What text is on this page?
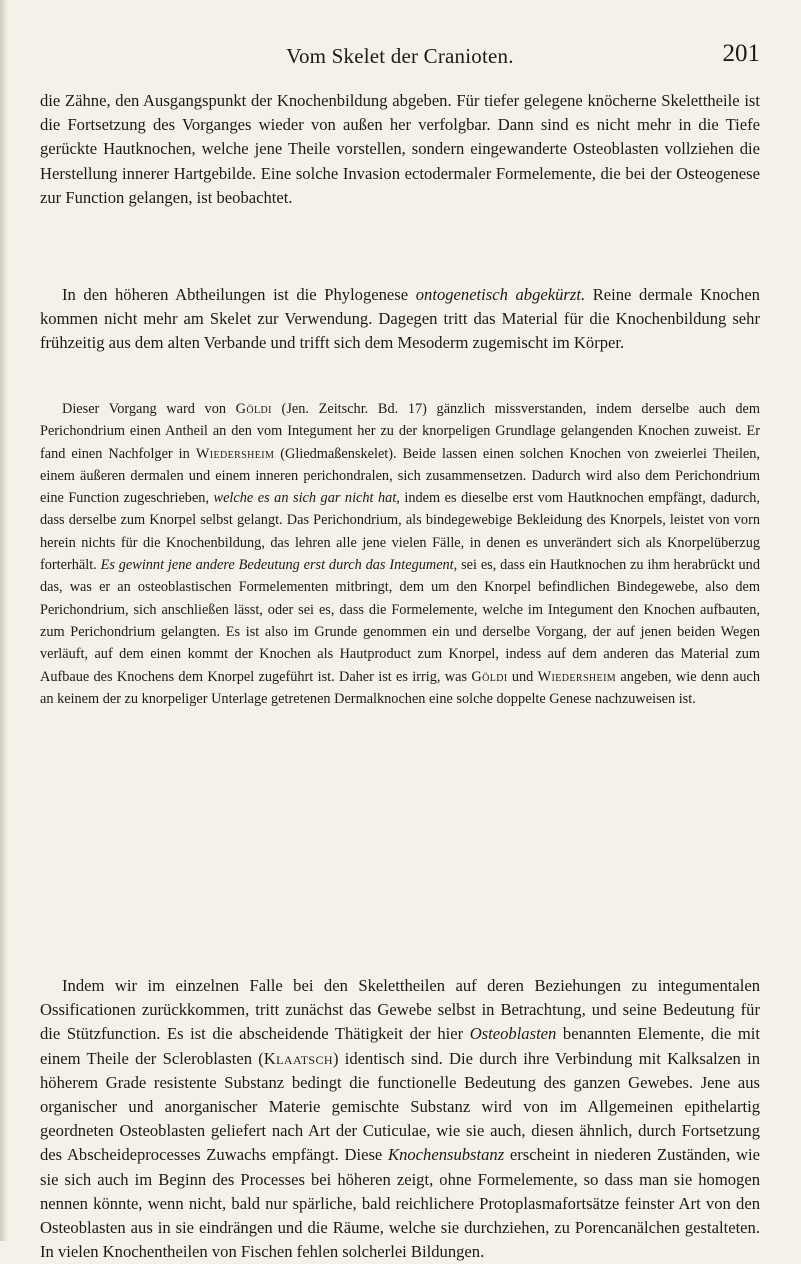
Vom Skelet der Cranioten.	201

die Zähne, den Ausgangspunkt der Knochenbildung abgeben. Für tiefer gelegene knöcherne Skelettheile ist die Fortsetzung des Vorganges wieder von außen her verfolgbar. Dann sind es nicht mehr in die Tiefe gerückte Hautknochen, welche jene Theile vorstellen, sondern eingewanderte Osteoblasten vollziehen die Herstellung innerer Hartgebilde. Eine solche Invasion ectodermaler Formelemente, die bei der Osteogenese zur Function gelangen, ist beobachtet.

In den höheren Abtheilungen ist die Phylogenese ontogenetisch abgekürzt. Reine dermale Knochen kommen nicht mehr am Skelet zur Verwendung. Dagegen tritt das Material für die Knochenbildung sehr frühzeitig aus dem alten Verbande und trifft sich dem Mesoderm zugemischt im Körper.

Dieser Vorgang ward von Göldi (Jen. Zeitschr. Bd. 17) gänzlich missverstanden, indem derselbe auch dem Perichondrium einen Antheil an den vom Integument her zu der knorpeligen Grundlage gelangenden Knochen zuweist. Er fand einen Nachfolger in Wiedersheim (Gliedmaßenskelet). Beide lassen einen solchen Knochen von zweierlei Theilen, einem äußeren dermalen und einem inneren perichondralen, sich zusammensetzen. Dadurch wird also dem Perichondrium eine Function zugeschrieben, welche es an sich gar nicht hat, indem es dieselbe erst vom Hautknochen empfängt, dadurch, dass derselbe zum Knorpel selbst gelangt. Das Perichondrium, als bindegewebige Bekleidung des Knorpels, leistet von vorn herein nichts für die Knochenbildung, das lehren alle jene vielen Fälle, in denen es unverändert sich als Knorpelüberzug forterhält. Es gewinnt jene andere Bedeutung erst durch das Integument, sei es, dass ein Hautknochen zu ihm herabrückt und das, was er an osteoblastischen Formelementen mitbringt, dem um den Knorpel befindlichen Bindegewebe, also dem Perichondrium, sich anschließen lässt, oder sei es, dass die Formelemente, welche im Integument den Knochen aufbauten, zum Perichondrium gelangten. Es ist also im Grunde genommen ein und derselbe Vorgang, der auf jenen beiden Wegen verläuft, auf dem einen kommt der Knochen als Hautproduct zum Knorpel, indess auf dem anderen das Material zum Aufbaue des Knochens dem Knorpel zugeführt ist. Daher ist es irrig, was Göldi und Wiedersheim angeben, wie denn auch an keinem der zu knorpeliger Unterlage getretenen Dermalknochen eine solche doppelte Genese nachzuweisen ist.

Indem wir im einzelnen Falle bei den Skelettheilen auf deren Beziehungen zu integumentalen Ossificationen zurückkommen, tritt zunächst das Gewebe selbst in Betrachtung, und seine Bedeutung für die Stützfunction. Es ist die abscheidende Thätigkeit der hier Osteoblasten benannten Elemente, die mit einem Theile der Scleroblasten (Klaatsch) identisch sind. Die durch ihre Verbindung mit Kalksalzen in höherem Grade resistente Substanz bedingt die functionelle Bedeutung des ganzen Gewebes. Jene aus organischer und anorganischer Materie gemischte Substanz wird von im Allgemeinen epithelartig geordneten Osteoblasten geliefert nach Art der Cuticulae, wie sie auch, diesen ähnlich, durch Fortsetzung des Abscheideprocesses Zuwachs empfängt. Diese Knochensubstanz erscheint in niederen Zuständen, wie sie sich auch im Beginn des Processes bei höheren zeigt, ohne Formelemente, so dass man sie homogen nennen könnte, wenn nicht, bald nur spärliche, bald reichlichere Protoplasmafortsätze feinster Art von den Osteoblasten aus in sie eindrängen und die Räume, welche sie durchziehen, zu Porencanälchen gestalteten. In vielen Knochentheilen von Fischen fehlen solcherlei Bildungen.
